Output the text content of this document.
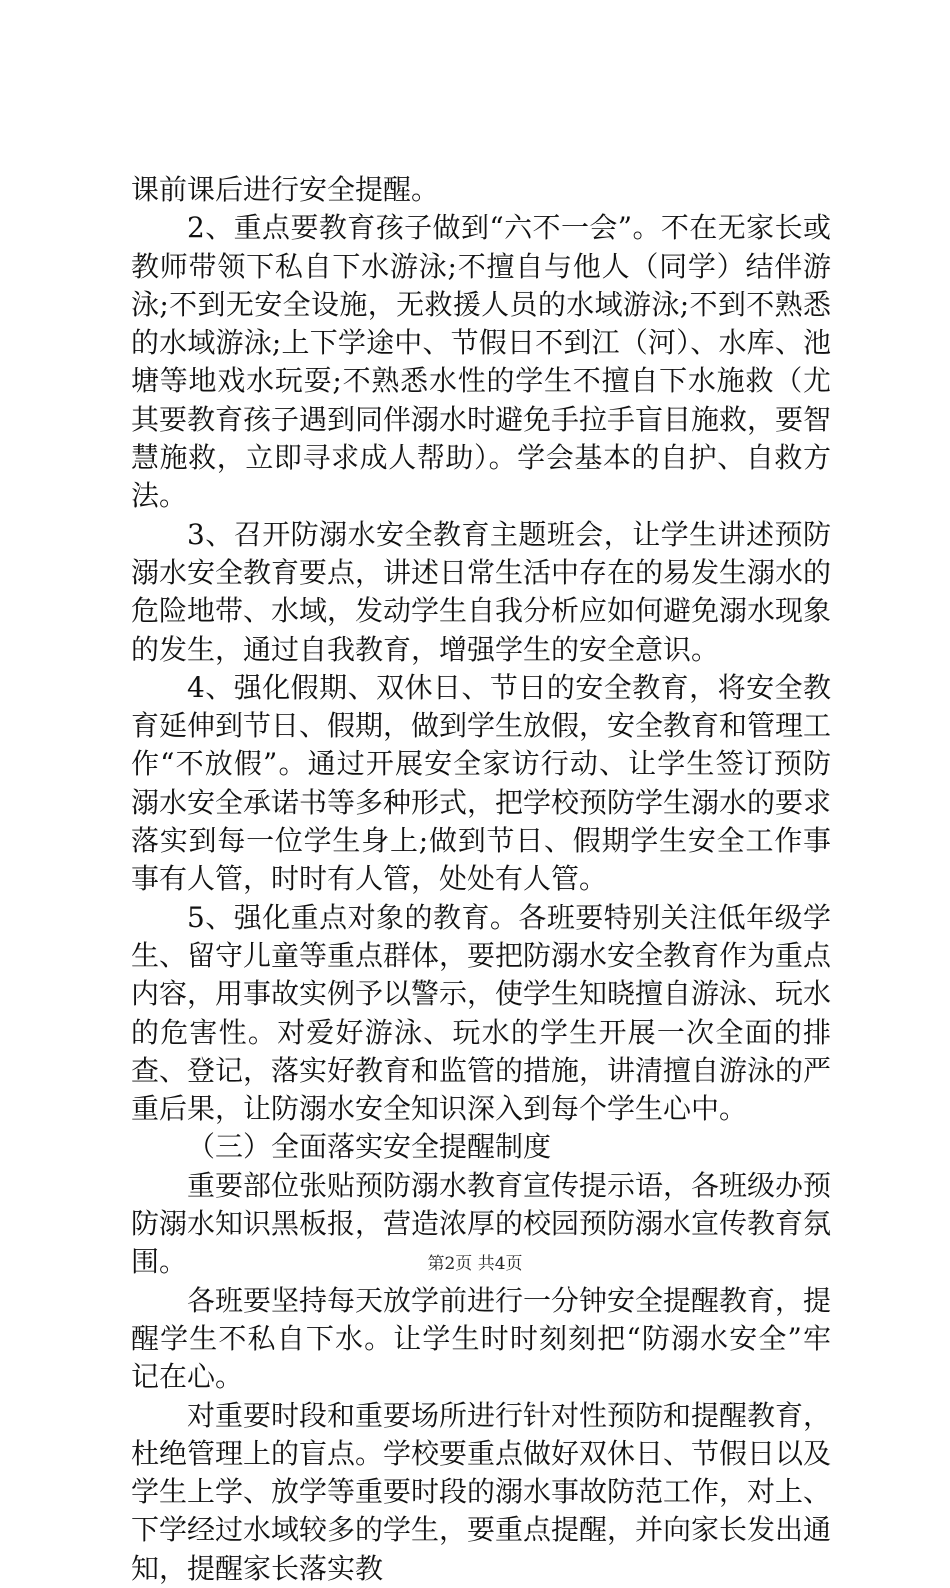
课前课后进行安全提醒。

2、重点要教育孩子做到“六不一会”。不在无家长或教师带领下私自下水游泳;不擅自与他人（同学）结伴游泳;不到无安全设施，无救援人员的水域游泳;不到不熟悉的水域游泳;上下学途中、节假日不到江（河）、水库、池塘等地戏水玩耍;不熟悉水性的学生不擅自下水施救（尤其要教育孩子遇到同伴溺水时避免手拉手盲目施救，要智慧施救，立即寻求成人帮助）。学会基本的自护、自救方法。

3、召开防溺水安全教育主题班会，让学生讲述预防溺水安全教育要点，讲述日常生活中存在的易发生溺水的危险地带、水域，发动学生自我分析应如何避免溺水现象的发生，通过自我教育，增强学生的安全意识。

4、强化假期、双休日、节日的安全教育，将安全教育延伸到节日、假期，做到学生放假，安全教育和管理工作“不放假”。通过开展安全家访行动、让学生签订预防溺水安全承诺书等多种形式，把学校预防学生溺水的要求落实到每一位学生身上;做到节日、假期学生安全工作事事有人管，时时有人管，处处有人管。

5、强化重点对象的教育。各班要特别关注低年级学生、留守儿童等重点群体，要把防溺水安全教育作为重点内容，用事故实例予以警示，使学生知晓擅自游泳、玩水的危害性。对爱好游泳、玩水的学生开展一次全面的排查、登记，落实好教育和监管的措施，讲清擅自游泳的严重后果，让防溺水安全知识深入到每个学生心中。

（三）全面落实安全提醒制度

重要部位张贴预防溺水教育宣传提示语，各班级办预防溺水知识黑板报，营造浓厚的校园预防溺水宣传教育氛围。

各班要坚持每天放学前进行一分钟安全提醒教育，提醒学生不私自下水。让学生时时刻刻把“防溺水安全”牢记在心。

对重要时段和重要场所进行针对性预防和提醒教育，杜绝管理上的盲点。学校要重点做好双休日、节假日以及学生上学、放学等重要时段的溺水事故防范工作，对上、下学经过水域较多的学生，要重点提醒，并向家长发出通知，提醒家长落实教

第2页 共4页
